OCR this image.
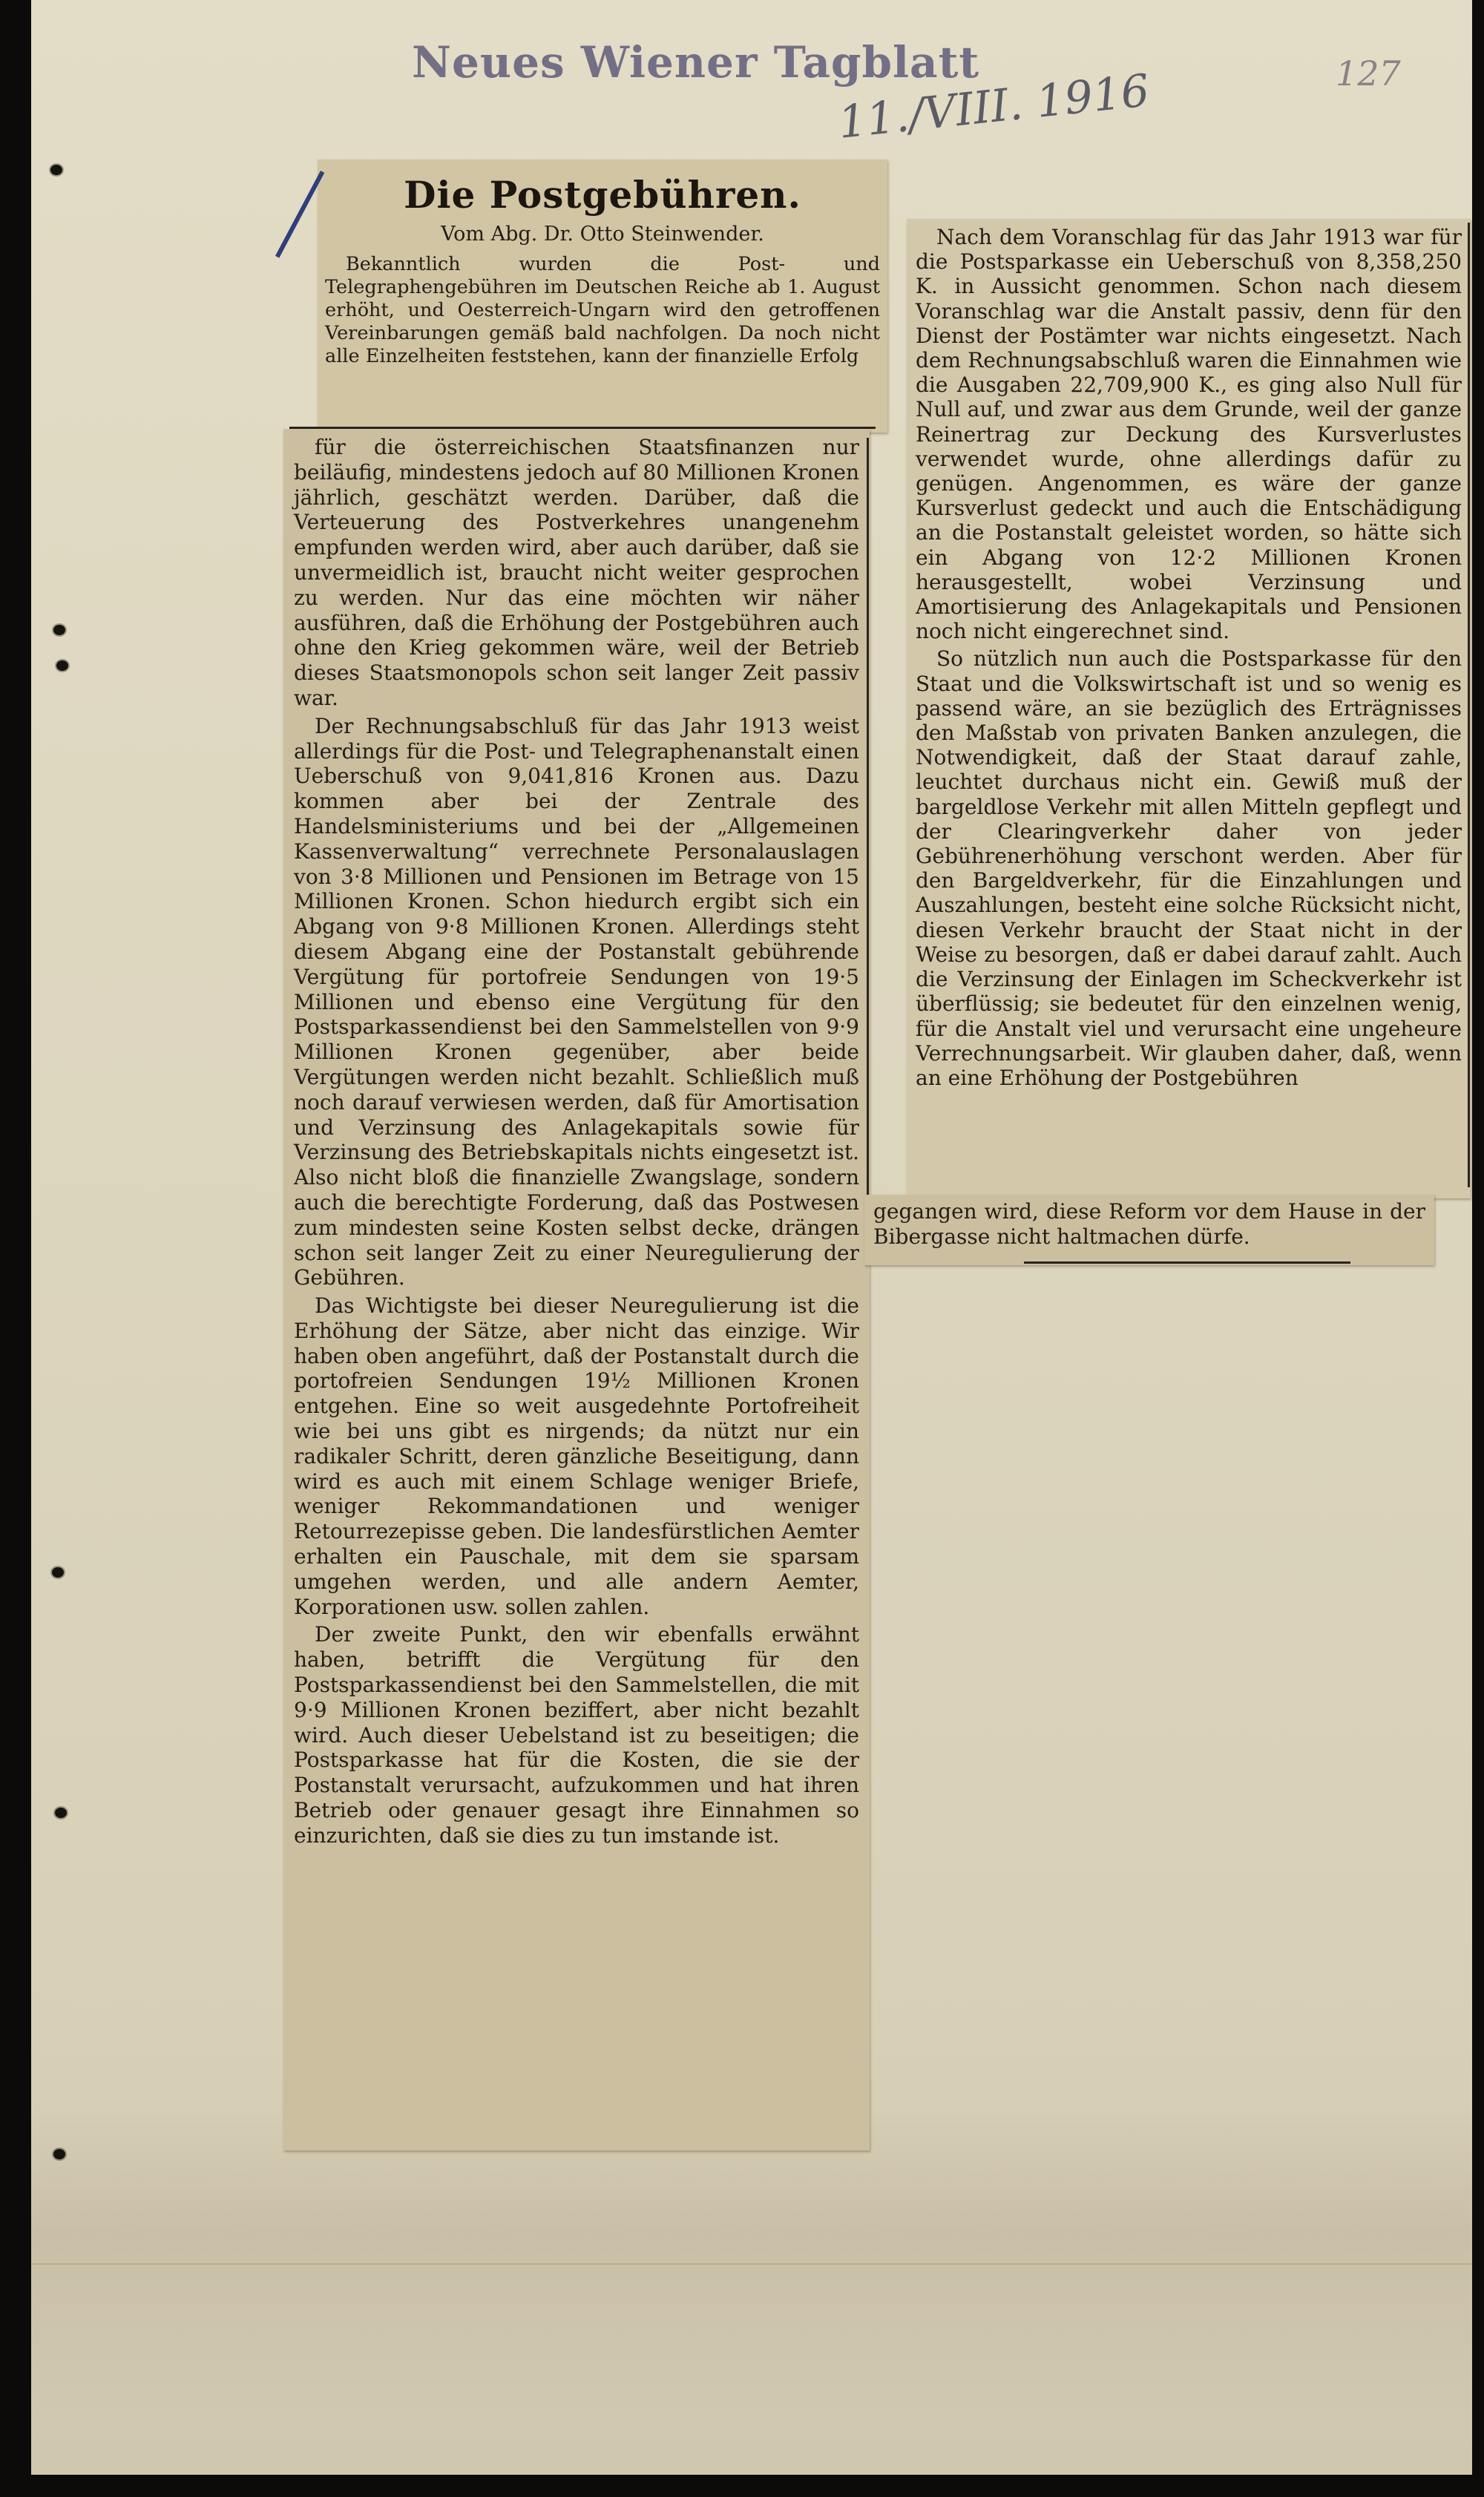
Neues Wiener Tagblatt
11./VIII. 1916	127
Die Postgebühren.
Vom Abg. Dr. Otto Steinwender.

Bekanntlich wurden die Post- und Telegraphengebühren im Deutschen Reiche ab 1. August erhöht, und Oesterreich-Ungarn wird den getroffenen Vereinbarungen gemäß bald nachfolgen. Da noch nicht alle Einzelheiten feststehen, kann der finanzielle Erfolg

für die österreichischen Staatsfinanzen nur beiläufig, mindestens jedoch auf 80 Millionen Kronen jährlich, geschätzt werden. Darüber, daß die Verteuerung des Postverkehres unangenehm empfunden werden wird, aber auch darüber, daß sie unvermeidlich ist, braucht nicht weiter gesprochen zu werden. Nur das eine möchten wir näher ausführen, daß die Erhöhung der Postgebühren auch ohne den Krieg gekommen wäre, weil der Betrieb dieses Staatsmonopols schon seit langer Zeit passiv war.

Der Rechnungsabschluß für das Jahr 1913 weist allerdings für die Post- und Telegraphenanstalt einen Ueberschuß von 9,041,816 Kronen aus. Dazu kommen aber bei der Zentrale des Handelsministeriums und bei der „Allgemeinen Kassenverwaltung“ verrechnete Personalauslagen von 3·8 Millionen und Pensionen im Betrage von 15 Millionen Kronen. Schon hiedurch ergibt sich ein Abgang von 9·8 Millionen Kronen. Allerdings steht diesem Abgang eine der Postanstalt gebührende Vergütung für portofreie Sendungen von 19·5 Millionen und ebenso eine Vergütung für den Postsparkassendienst bei den Sammelstellen von 9·9 Millionen Kronen gegenüber, aber beide Vergütungen werden nicht bezahlt. Schließlich muß noch darauf verwiesen werden, daß für Amortisation und Verzinsung des Anlagekapitals sowie für Verzinsung des Betriebskapitals nichts eingesetzt ist. Also nicht bloß die finanzielle Zwangslage, sondern auch die berechtigte Forderung, daß das Postwesen zum mindesten seine Kosten selbst decke, drängen schon seit langer Zeit zu einer Neuregulierung der Gebühren.

Das Wichtigste bei dieser Neuregulierung ist die Erhöhung der Sätze, aber nicht das einzige. Wir haben oben angeführt, daß der Postanstalt durch die portofreien Sendungen 19½ Millionen Kronen entgehen. Eine so weit ausgedehnte Portofreiheit wie bei uns gibt es nirgends; da nützt nur ein radikaler Schritt, deren gänzliche Beseitigung, dann wird es auch mit einem Schlage weniger Briefe, weniger Rekommandationen und weniger Retourrezepisse geben. Die landesfürstlichen Aemter erhalten ein Pauschale, mit dem sie sparsam umgehen werden, und alle andern Aemter, Korporationen usw. sollen zahlen.

Der zweite Punkt, den wir ebenfalls erwähnt haben, betrifft die Vergütung für den Postsparkassendienst bei den Sammelstellen, die mit 9·9 Millionen Kronen beziffert, aber nicht bezahlt wird. Auch dieser Uebelstand ist zu beseitigen; die Postsparkasse hat für die Kosten, die sie der Postanstalt verursacht, aufzukommen und hat ihren Betrieb oder genauer gesagt ihre Einnahmen so einzurichten, daß sie dies zu tun imstande ist.

Nach dem Voranschlag für das Jahr 1913 war für die Postsparkasse ein Ueberschuß von 8,358,250 K. in Aussicht genommen. Schon nach diesem Voranschlag war die Anstalt passiv, denn für den Dienst der Postämter war nichts eingesetzt. Nach dem Rechnungsabschluß waren die Einnahmen wie die Ausgaben 22,709,900 K., es ging also Null für Null auf, und zwar aus dem Grunde, weil der ganze Reinertrag zur Deckung des Kursverlustes verwendet wurde, ohne allerdings dafür zu genügen. Angenommen, es wäre der ganze Kursverlust gedeckt und auch die Entschädigung an die Postanstalt geleistet worden, so hätte sich ein Abgang von 12·2 Millionen Kronen herausgestellt, wobei Verzinsung und Amortisierung des Anlagekapitals und Pensionen noch nicht eingerechnet sind.

So nützlich nun auch die Postsparkasse für den Staat und die Volkswirtschaft ist und so wenig es passend wäre, an sie bezüglich des Erträgnisses den Maßstab von privaten Banken anzulegen, die Notwendigkeit, daß der Staat darauf zahle, leuchtet durchaus nicht ein. Gewiß muß der bargeldlose Verkehr mit allen Mitteln gepflegt und der Clearingverkehr daher von jeder Gebührenerhöhung verschont werden. Aber für den Bargeldverkehr, für die Einzahlungen und Auszahlungen, besteht eine solche Rücksicht nicht, diesen Verkehr braucht der Staat nicht in der Weise zu besorgen, daß er dabei darauf zahlt. Auch die Verzinsung der Einlagen im Scheckverkehr ist überflüssig; sie bedeutet für den einzelnen wenig, für die Anstalt viel und verursacht eine ungeheure Verrechnungsarbeit. Wir glauben daher, daß, wenn an eine Erhöhung der Postgebühren

gegangen wird, diese Reform vor dem Hause in der Bibergasse nicht haltmachen dürfe.
